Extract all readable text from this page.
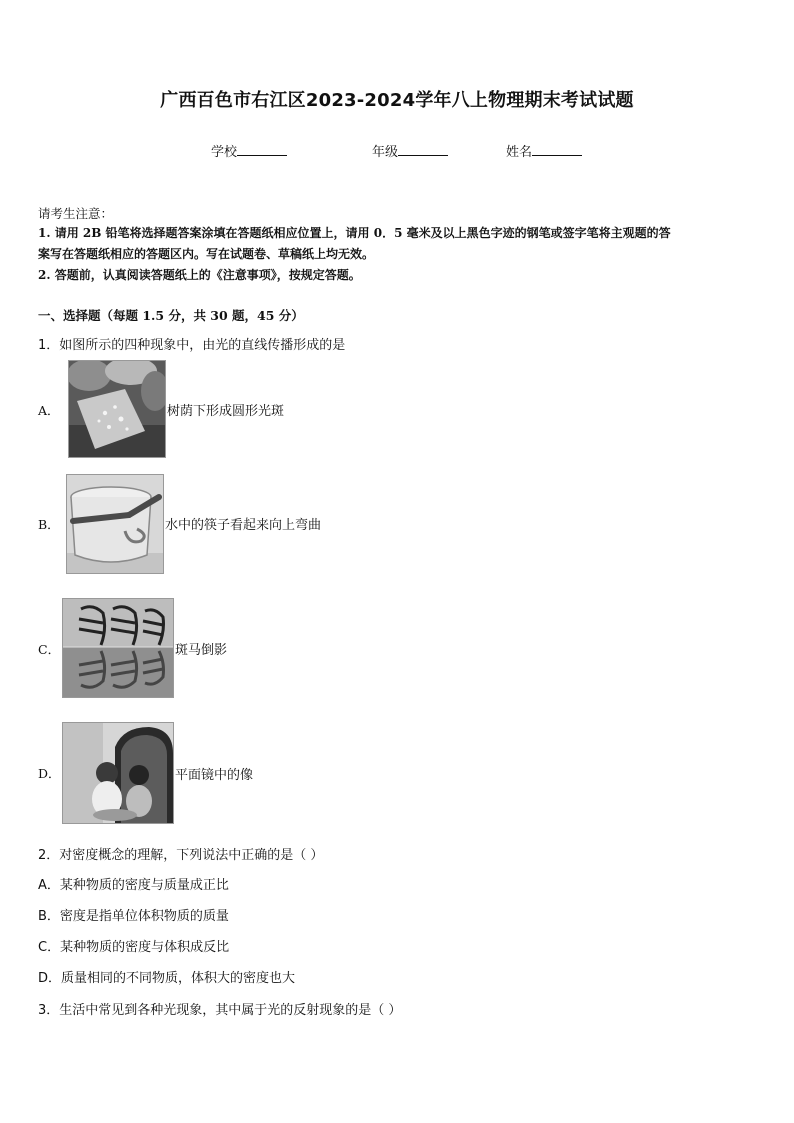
广西百色市右江区2023-2024学年八上物理期末考试试题
学校	年级	姓名
请考生注意：
1. 请用 2B 铅笔将选择题答案涂填在答题纸相应位置上，请用 0．5 毫米及以上黑色字迹的钢笔或签字笔将主观题的答
案写在答题纸相应的答题区内。写在试题卷、草稿纸上均无效。
2. 答题前，认真阅读答题纸上的《注意事项》，按规定答题。
一、选择题（每题 1.5 分，共 30 题，45 分）
1．如图所示的四种现象中，由光的直线传播形成的是
A．	树荫下形成圆形光斑
B．	水中的筷子看起来向上弯曲
C．	斑马倒影
D．	平面镜中的像
2．对密度概念的理解，下列说法中正确的是（ ）
A．某种物质的密度与质量成正比
B．密度是指单位体积物质的质量
C．某种物质的密度与体积成反比
D．质量相同的不同物质，体积大的密度也大
3．生活中常见到各种光现象，其中属于光的反射现象的是（ ）
